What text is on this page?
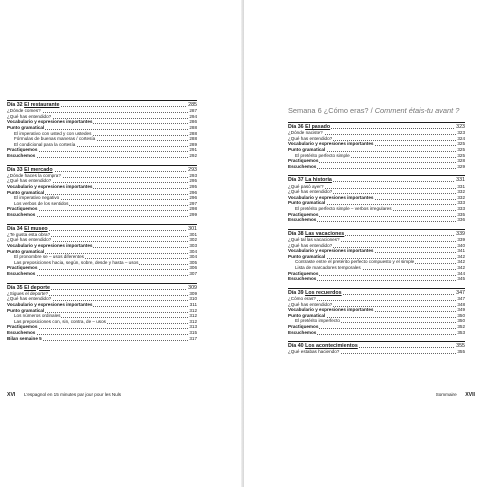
Día 32 El restaurante	285
¿Dónde comes?	287
¿Qué has entendido?	294
Vocabulario y expresiones importantes	286
Punto gramatical	288
El imperativo con usted y con ustedes	288
Fórmulas de buenas maneras / cortesía	288
El condicional para la cortesía	289
Practiquemos	291
Escuchemos	292
Día 33 El mercado	293
¿Dónde haces la compra?	293
¿Qué has entendido?	295
Vocabulario y expresiones importantes	295
Punto gramatical	296
El imperativo negativo	296
Los verbos de los sentidos	297
Practiquemos	298
Escuchemos	299
Día 34 El museo	301
¿Te gusta esta obra?	301
¿Qué has entendido?	302
Vocabulario y expresiones importantes	303
Punto gramatical	304
El pronombre se – usos diferentes	304
Las preposiciones hacia, según, sobre, desde y hasta – usos	305
Practiquemos	306
Escuchemos	307
Día 35 El deporte	309
¿Sigues el deporte?	309
¿Qué has entendido?	310
Vocabulario y expresiones importantes	311
Punto gramatical	312
Los números ordinales	312
Las preposiciones con, sin, contra, de – usos	312
Practiquemos	313
Escuchemos	315
Bilan semaine 5	317
XVI L'espagnol en 15 minutes par jour pour les Nuls
Semana 6 ¿Cómo eras? / Comment étais-tu avant ?
Día 36 El pasado	323
¿Dónde naciste?	323
¿Qué has entendido?	324
Vocabulario y expresiones importantes	325
Punto gramatical	325
El pretérito perfecto simple	325
Practiquemos	328
Escuchemos	329
Día 37 La historia	331
¿Qué pasó ayer?	331
¿Qué has entendido?	332
Vocabulario y expresiones importantes	332
Punto gramatical	333
El pretérito perfecto simple – verbos irregulares	333
Practiquemos	335
Escuchemos	336
Día 38 Las vacaciones	339
¿Qué tal las vacaciones?	339
¿Qué has entendido?	340
Vocabulario y expresiones importantes	341
Punto gramatical	342
Contraste entre el pretérito perfecto compuesto y el simple	342
Lista de marcadores temporales	342
Practiquemos	344
Escuchemos	345
Día 39 Los recuerdos	347
¿Cómo eras?	347
¿Qué has entendido?	348
Vocabulario y expresiones importantes	349
Punto gramatical	350
El pretérito imperfecto	350
Practiquemos	352
Escuchemos	353
Día 40 Los acontecimientos	355
¿Qué estabas haciendo?	355
Sommaire XVII
